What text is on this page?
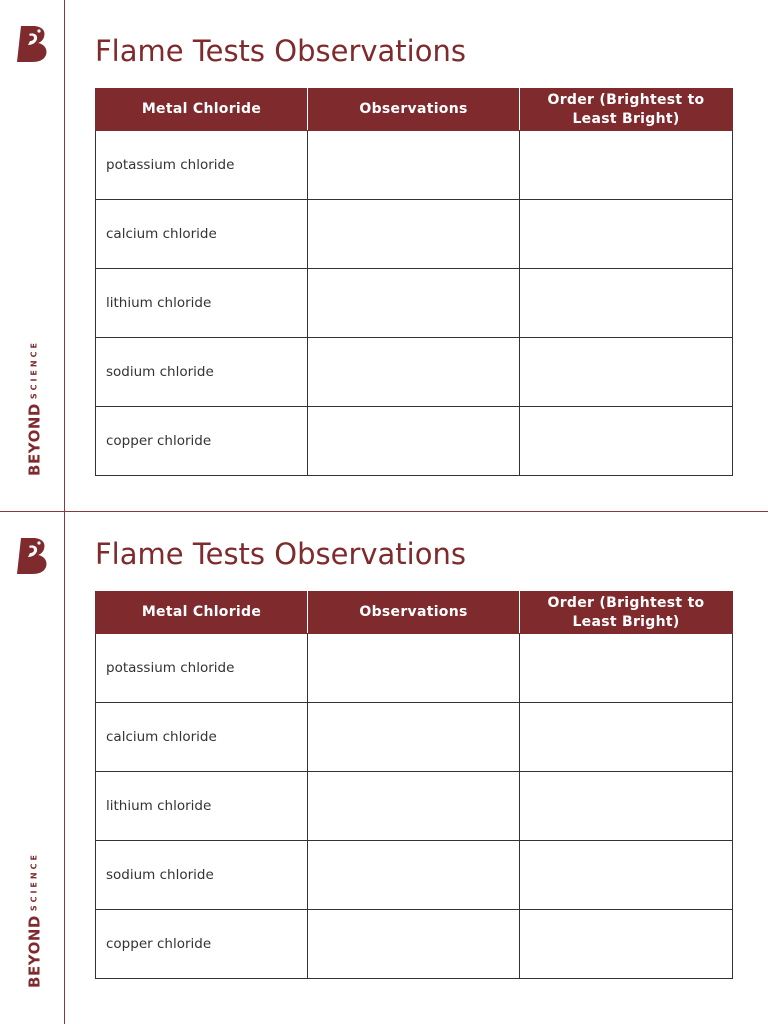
Flame Tests Observations
BEYONDSCIENCE
Metal Chloride	Observations	Order (Brightest to Least Bright)
potassium chloride		
calcium chloride		
lithium chloride		
sodium chloride		
copper chloride		
Flame Tests Observations
BEYONDSCIENCE
Metal Chloride	Observations	Order (Brightest to Least Bright)
potassium chloride		
calcium chloride		
lithium chloride		
sodium chloride		
copper chloride		
